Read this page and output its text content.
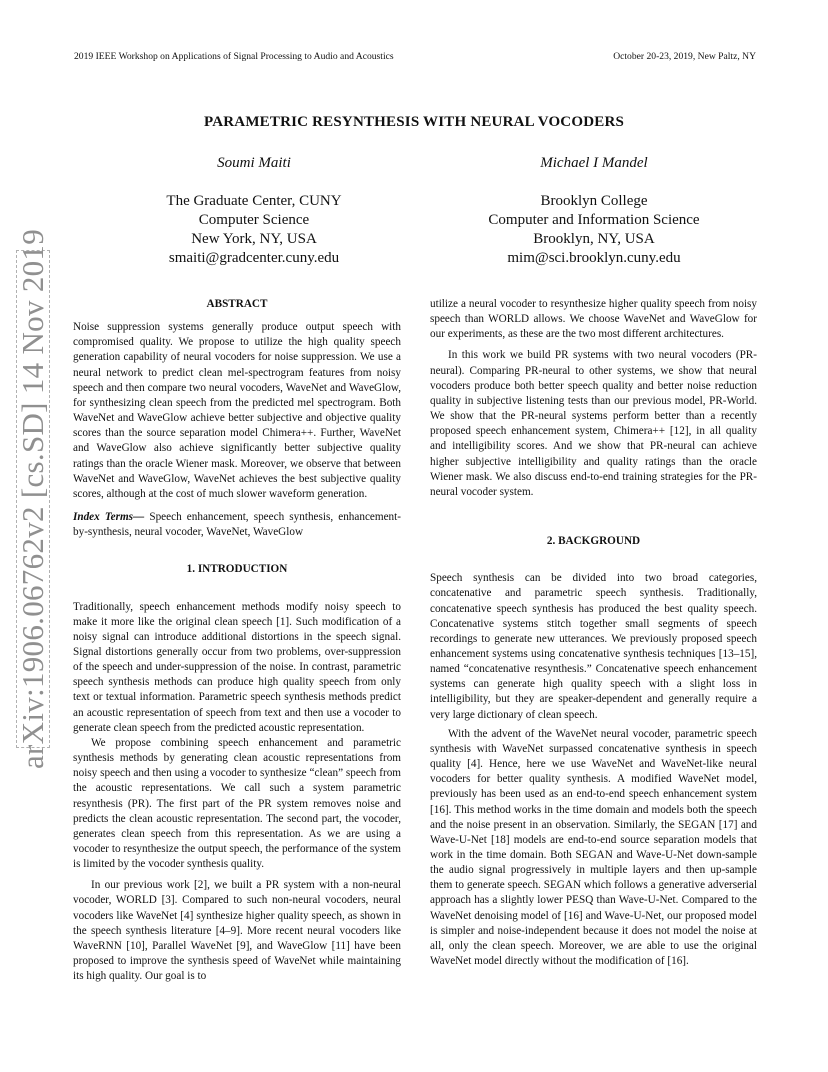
2019 IEEE Workshop on Applications of Signal Processing to Audio and Acoustics	October 20-23, 2019, New Paltz, NY
arXiv:1906.06762v2 [cs.SD] 14 Nov 2019
PARAMETRIC RESYNTHESIS WITH NEURAL VOCODERS
Soumi Maiti
The Graduate Center, CUNY
Computer Science
New York, NY, USA
smaiti@gradcenter.cuny.edu
Michael I Mandel
Brooklyn College
Computer and Information Science
Brooklyn, NY, USA
mim@sci.brooklyn.cuny.edu
ABSTRACT

Noise suppression systems generally produce output speech with compromised quality. We propose to utilize the high quality speech generation capability of neural vocoders for noise suppression. We use a neural network to predict clean mel-spectrogram features from noisy speech and then compare two neural vocoders, WaveNet and WaveGlow, for synthesizing clean speech from the predicted mel spectrogram. Both WaveNet and WaveGlow achieve better subjective and objective quality scores than the source separation model Chimera++. Further, WaveNet and WaveGlow also achieve significantly better subjective quality ratings than the oracle Wiener mask. Moreover, we observe that between WaveNet and WaveGlow, WaveNet achieves the best subjective quality scores, although at the cost of much slower waveform generation.

Index Terms— Speech enhancement, speech synthesis, enhancement-by-synthesis, neural vocoder, WaveNet, WaveGlow

1. INTRODUCTION

Traditionally, speech enhancement methods modify noisy speech to make it more like the original clean speech [1]. Such modification of a noisy signal can introduce additional distortions in the speech signal. Signal distortions generally occur from two problems, over-suppression of the speech and under-suppression of the noise. In contrast, parametric speech synthesis methods can produce high quality speech from only text or textual information. Parametric speech synthesis methods predict an acoustic representation of speech from text and then use a vocoder to generate clean speech from the predicted acoustic representation.

We propose combining speech enhancement and parametric synthesis methods by generating clean acoustic representations from noisy speech and then using a vocoder to synthesize “clean” speech from the acoustic representations. We call such a system parametric resynthesis (PR). The first part of the PR system removes noise and predicts the clean acoustic representation. The second part, the vocoder, generates clean speech from this representation. As we are using a vocoder to resynthesize the output speech, the performance of the system is limited by the vocoder synthesis quality.

In our previous work [2], we built a PR system with a non-neural vocoder, WORLD [3]. Compared to such non-neural vocoders, neural vocoders like WaveNet [4] synthesize higher quality speech, as shown in the speech synthesis literature [4–9]. More recent neural vocoders like WaveRNN [10], Parallel WaveNet [9], and WaveGlow [11] have been proposed to improve the synthesis speed of WaveNet while maintaining its high quality. Our goal is to

utilize a neural vocoder to resynthesize higher quality speech from noisy speech than WORLD allows. We choose WaveNet and WaveGlow for our experiments, as these are the two most different architectures.

In this work we build PR systems with two neural vocoders (PR-neural). Comparing PR-neural to other systems, we show that neural vocoders produce both better speech quality and better noise reduction quality in subjective listening tests than our previous model, PR-World. We show that the PR-neural systems perform better than a recently proposed speech enhancement system, Chimera++ [12], in all quality and intelligibility scores. And we show that PR-neural can achieve higher subjective intelligibility and quality ratings than the oracle Wiener mask. We also discuss end-to-end training strategies for the PR-neural vocoder system.

2. BACKGROUND

Speech synthesis can be divided into two broad categories, concatenative and parametric speech synthesis. Traditionally, concatenative speech synthesis has produced the best quality speech. Concatenative systems stitch together small segments of speech recordings to generate new utterances. We previously proposed speech enhancement systems using concatenative synthesis techniques [13–15], named “concatenative resynthesis.” Concatenative speech enhancement systems can generate high quality speech with a slight loss in intelligibility, but they are speaker-dependent and generally require a very large dictionary of clean speech.

With the advent of the WaveNet neural vocoder, parametric speech synthesis with WaveNet surpassed concatenative synthesis in speech quality [4]. Hence, here we use WaveNet and WaveNet-like neural vocoders for better quality synthesis. A modified WaveNet model, previously has been used as an end-to-end speech enhancement system [16]. This method works in the time domain and models both the speech and the noise present in an observation. Similarly, the SEGAN [17] and Wave-U-Net [18] models are end-to-end source separation models that work in the time domain. Both SEGAN and Wave-U-Net down-sample the audio signal progressively in multiple layers and then up-sample them to generate speech. SEGAN which follows a generative adverserial approach has a slightly lower PESQ than Wave-U-Net. Compared to the WaveNet denoising model of [16] and Wave-U-Net, our proposed model is simpler and noise-independent because it does not model the noise at all, only the clean speech. Moreover, we are able to use the original WaveNet model directly without the modification of [16].
